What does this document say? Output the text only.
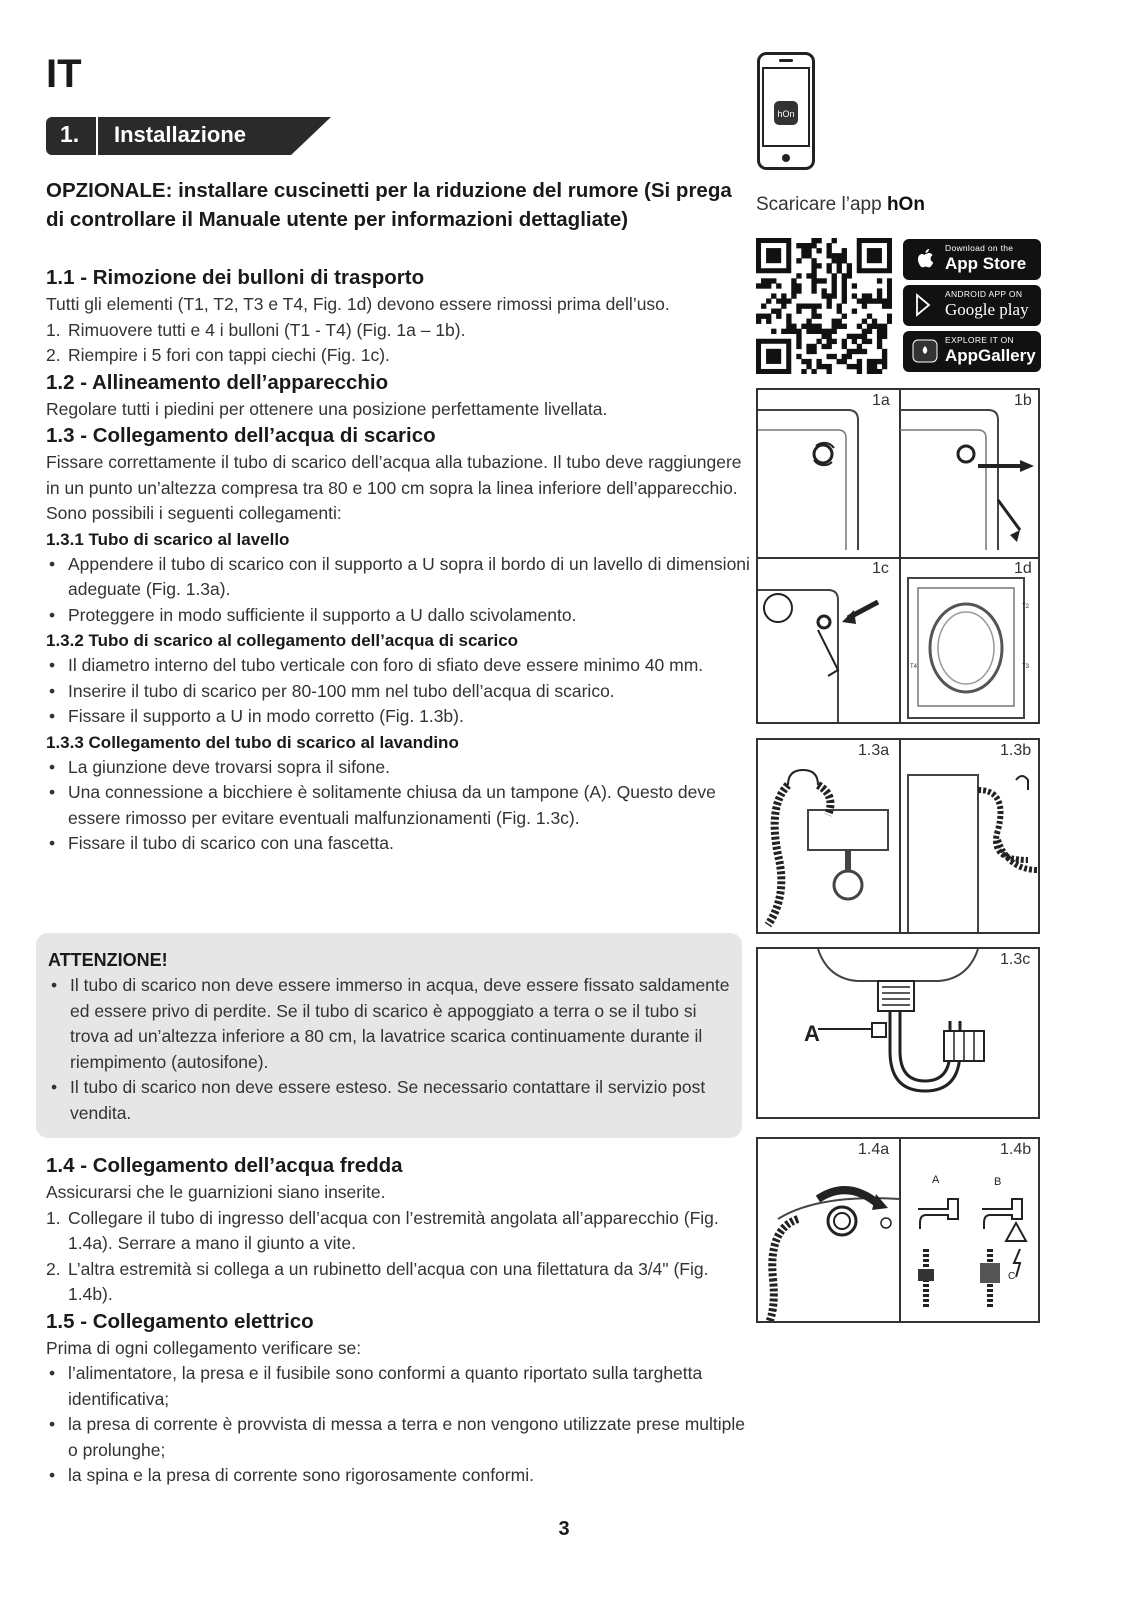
IT
1. Installazione

OPZIONALE: installare cuscinetti per la riduzione del rumore (Si prega di controllare il Manuale utente per informazioni dettagliate)

1.1 - Rimozione dei bulloni di trasporto

Tutti gli elementi (T1, T2, T3 e T4, Fig. 1d) devono essere rimossi prima dell’uso.

1. Rimuovere tutti e 4 i bulloni (T1 - T4) (Fig. 1a – 1b).
2. Riempire i 5 fori con tappi ciechi (Fig. 1c).
1.2 - Allineamento dell’apparecchio

Regolare tutti i piedini per ottenere una posizione perfettamente livellata.

1.3 - Collegamento dell’acqua di scarico

Fissare correttamente il tubo di scarico dell’acqua alla tubazione. Il tubo deve raggiungere in un punto un’altezza compresa tra 80 e 100 cm sopra la linea inferiore dell’apparecchio.

Sono possibili i seguenti collegamenti:

1.3.1 Tubo di scarico al lavello
• Appendere il tubo di scarico con il supporto a U sopra il bordo di un lavello di dimensioni adeguate (Fig. 1.3a).
• Proteggere in modo sufficiente il supporto a U dallo scivolamento.
1.3.2 Tubo di scarico al collegamento dell’acqua di scarico
• Il diametro interno del tubo verticale con foro di sfiato deve essere minimo 40 mm.
• Inserire il tubo di scarico per 80-100 mm nel tubo dell’acqua di scarico.
• Fissare il supporto a U in modo corretto (Fig. 1.3b).
1.3.3 Collegamento del tubo di scarico al lavandino
• La giunzione deve trovarsi sopra il sifone.
• Una connessione a bicchiere è solitamente chiusa da un tampone (A). Questo deve essere rimosso per evitare eventuali malfunzionamenti (Fig. 1.3c).
• Fissare il tubo di scarico con una fascetta.
ATTENZIONE!
• Il tubo di scarico non deve essere immerso in acqua, deve essere fissato saldamente ed essere privo di perdite. Se il tubo di scarico è appoggiato a terra o se il tubo si trova ad un’altezza inferiore a 80 cm, la lavatrice scarica continuamente durante il riempimento (autosifone).
• Il tubo di scarico non deve essere esteso. Se necessario contattare il servizio post vendita.
1.4 - Collegamento dell’acqua fredda

Assicurarsi che le guarnizioni siano inserite.

1. Collegare il tubo di ingresso dell’acqua con l’estremità angolata all’apparecchio (Fig. 1.4a). Serrare a mano il giunto a vite.
2. L’altra estremità si collega a un rubinetto dell’acqua con una filettatura da 3/4" (Fig. 1.4b).
1.5 - Collegamento elettrico

Prima di ogni collegamento verificare se:

• l’alimentatore, la presa e il fusibile sono conformi a quanto riportato sulla targhetta identificativa;
• la presa di corrente è provvista di messa a terra e non vengono utilizzate prese multiple o prolunghe;
• la spina e la presa di corrente sono rigorosamente conformi.
3
hOn
Scaricare l’app hOn
Download on the
App Store
ANDROID APP ON
Google play
EXPLORE IT ON
AppGallery
T2
T3
T4
1a	1b
1c	1d
1.3a	1.3b
A
1.3c
A	B
C
1.4a	1.4b
